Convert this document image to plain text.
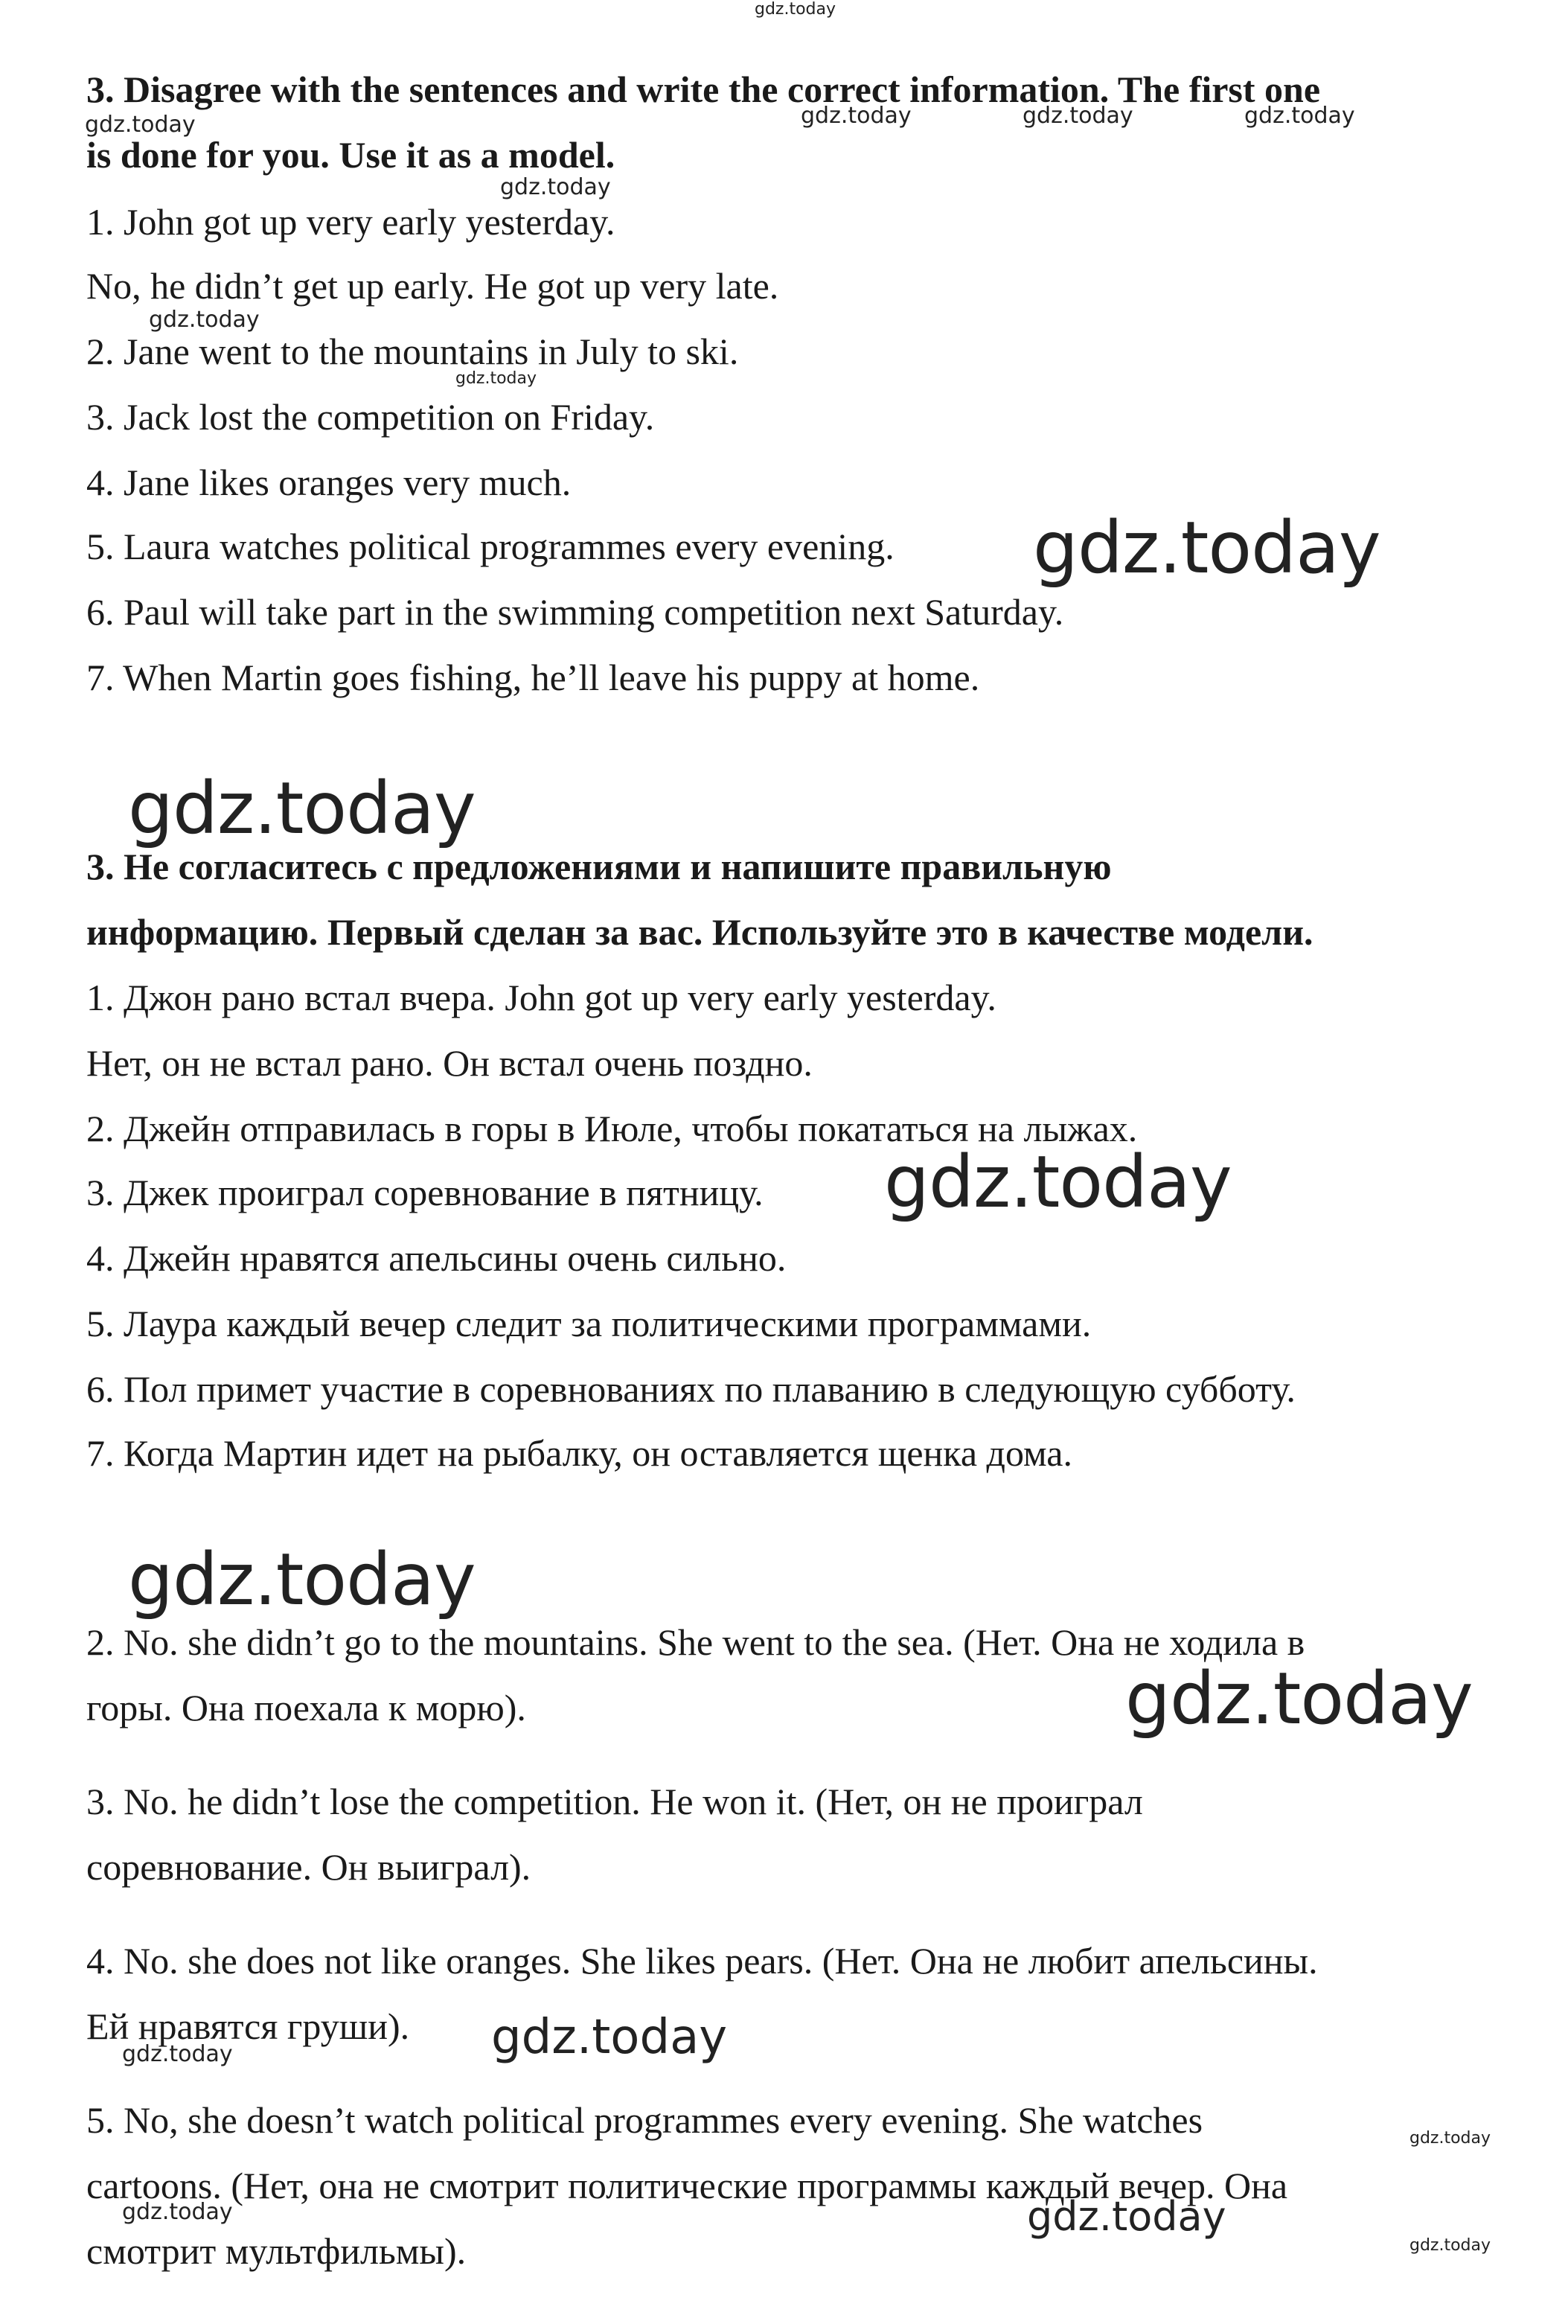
3. Disagree with the sentences and write the correct information. The first one

is done for you. Use it as a model.

1. John got up very early yesterday.

No, he didn’t get up early. He got up very late.

2. Jane went to the mountains in July to ski.

3. Jack lost the competition on Friday.

4. Jane likes oranges very much.

5. Laura watches political programmes every evening.

6. Paul will take part in the swimming competition next Saturday.

7. When Martin goes fishing, he’ll leave his puppy at home.

3. Не согласитесь с предложениями и напишите правильную

информацию. Первый сделан за вас. Используйте это в качестве модели.

1. Джон рано встал вчера. John got up very early yesterday.

Нет, он не встал рано. Он встал очень поздно.

2. Джейн отправилась в горы в Июле, чтобы покататься на лыжах.

3. Джек проиграл соревнование в пятницу.

4. Джейн нравятся апельсины очень сильно.

5. Лаура каждый вечер следит за политическими программами.

6. Пол примет участие в соревнованиях по плаванию в следующую субботу.

7. Когда Мартин идет на рыбалку, он оставляется щенка дома.

2. No. she didn’t go to the mountains. She went to the sea. (Нет. Она не ходила в

горы. Она поехала к морю).

3. No. he didn’t lose the competition. He won it. (Нет, он не проиграл

соревнование. Он выиграл).

4. No. she does not like oranges. She likes pears. (Нет. Она не любит апельсины.

Ей нравятся груши).

5. No, she doesn’t watch political programmes every evening. She watches

cartoons. (Нет, она не смотрит политические программы каждый вечер. Она

смотрит мультфильмы).

gdz.today
gdz.today	gdz.today	gdz.today	gdz.today
gdz.today
gdz.today
gdz.today
gdz.today
gdz.today
gdz.today
gdz.today
gdz.today
gdz.today	gdz.today
gdz.today
gdz.today	gdz.today
gdz.today
